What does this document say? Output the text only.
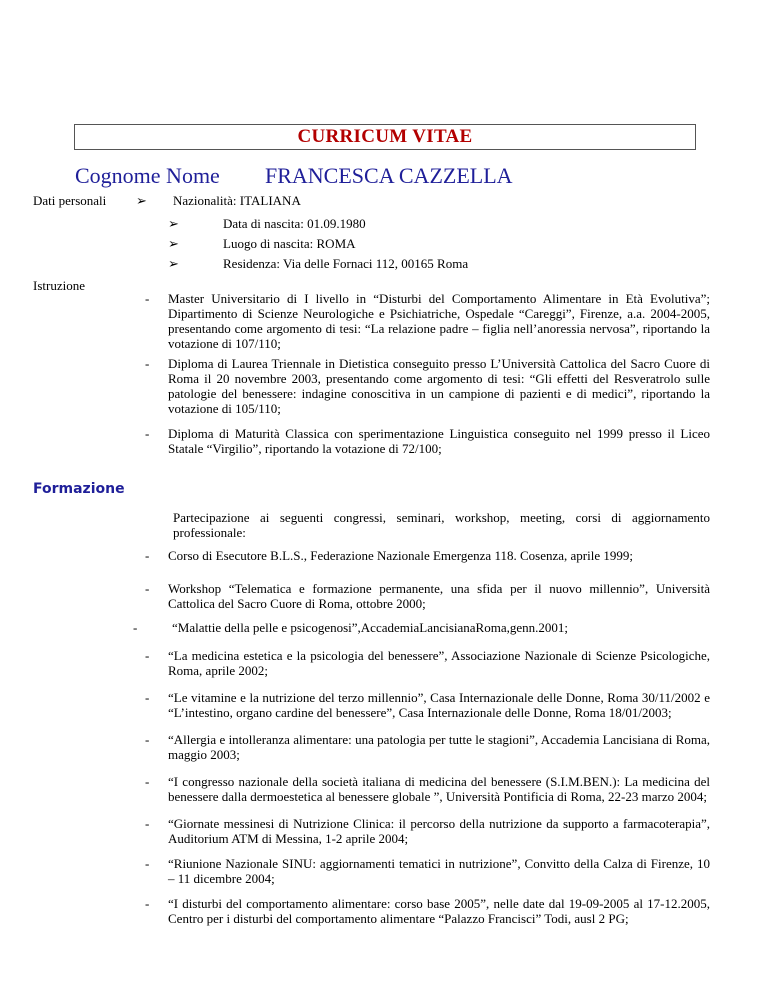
CURRICUM VITAE
Cognome Nome FRANCESCA CAZZELLA
Dati personali ➢ Nazionalità: ITALIANA
➢	Data di nascita: 01.09.1980
➢	Luogo di nascita: ROMA
➢	Residenza: Via delle Fornaci 112, 00165 Roma
Istruzione
- Master Universitario di I livello in “Disturbi del Comportamento Alimentare in Età Evolutiva”; Dipartimento di Scienze Neurologiche e Psichiatriche, Ospedale “Careggi”, Firenze, a.a. 2004-2005, presentando come argomento di tesi: “La relazione padre – figlia nell’anoressia nervosa”, riportando la votazione di 107/110;
- Diploma di Laurea Triennale in Dietistica conseguito presso L’Università Cattolica del Sacro Cuore di Roma il 20 novembre 2003, presentando come argomento di tesi: “Gli effetti del Resveratrolo sulle patologie del benessere: indagine conoscitiva in un campione di pazienti e di medici”, riportando la votazione di 105/110;
- Diploma di Maturità Classica con sperimentazione Linguistica conseguito nel 1999 presso il Liceo Statale “Virgilio”, riportando la votazione di 72/100;
Formazione
Partecipazione ai seguenti congressi, seminari, workshop, meeting, corsi di aggiornamento professionale:
- Corso di Esecutore B.L.S., Federazione Nazionale Emergenza 118. Cosenza, aprile 1999;
- Workshop “Telematica e formazione permanente, una sfida per il nuovo millennio”, Università Cattolica del Sacro Cuore di Roma, ottobre 2000;
-	“Malattie della pelle e psicogenosi”,AccademiaLancisianaRoma,genn.2001;
- “La medicina estetica e la psicologia del benessere”, Associazione Nazionale di Scienze Psicologiche, Roma, aprile 2002;
- “Le vitamine e la nutrizione del terzo millennio”, Casa Internazionale delle Donne, Roma 30/11/2002 e “L’intestino, organo cardine del benessere”, Casa Internazionale delle Donne, Roma 18/01/2003;
- “Allergia e intolleranza alimentare: una patologia per tutte le stagioni”, Accademia Lancisiana di Roma, maggio 2003;
- “I congresso nazionale della società italiana di medicina del benessere (S.I.M.BEN.): La medicina del benessere dalla dermoestetica al benessere globale ”, Università Pontificia di Roma, 22-23 marzo 2004;
- “Giornate messinesi di Nutrizione Clinica: il percorso della nutrizione da supporto a farmacoterapia”, Auditorium ATM di Messina, 1-2 aprile 2004;
- “Riunione Nazionale SINU: aggiornamenti tematici in nutrizione”, Convitto della Calza di Firenze, 10 – 11 dicembre 2004;
- “I disturbi del comportamento alimentare: corso base 2005”, nelle date dal 19-09-2005 al 17-12.2005, Centro per i disturbi del comportamento alimentare “Palazzo Francisci” Todi, ausl 2 PG;
